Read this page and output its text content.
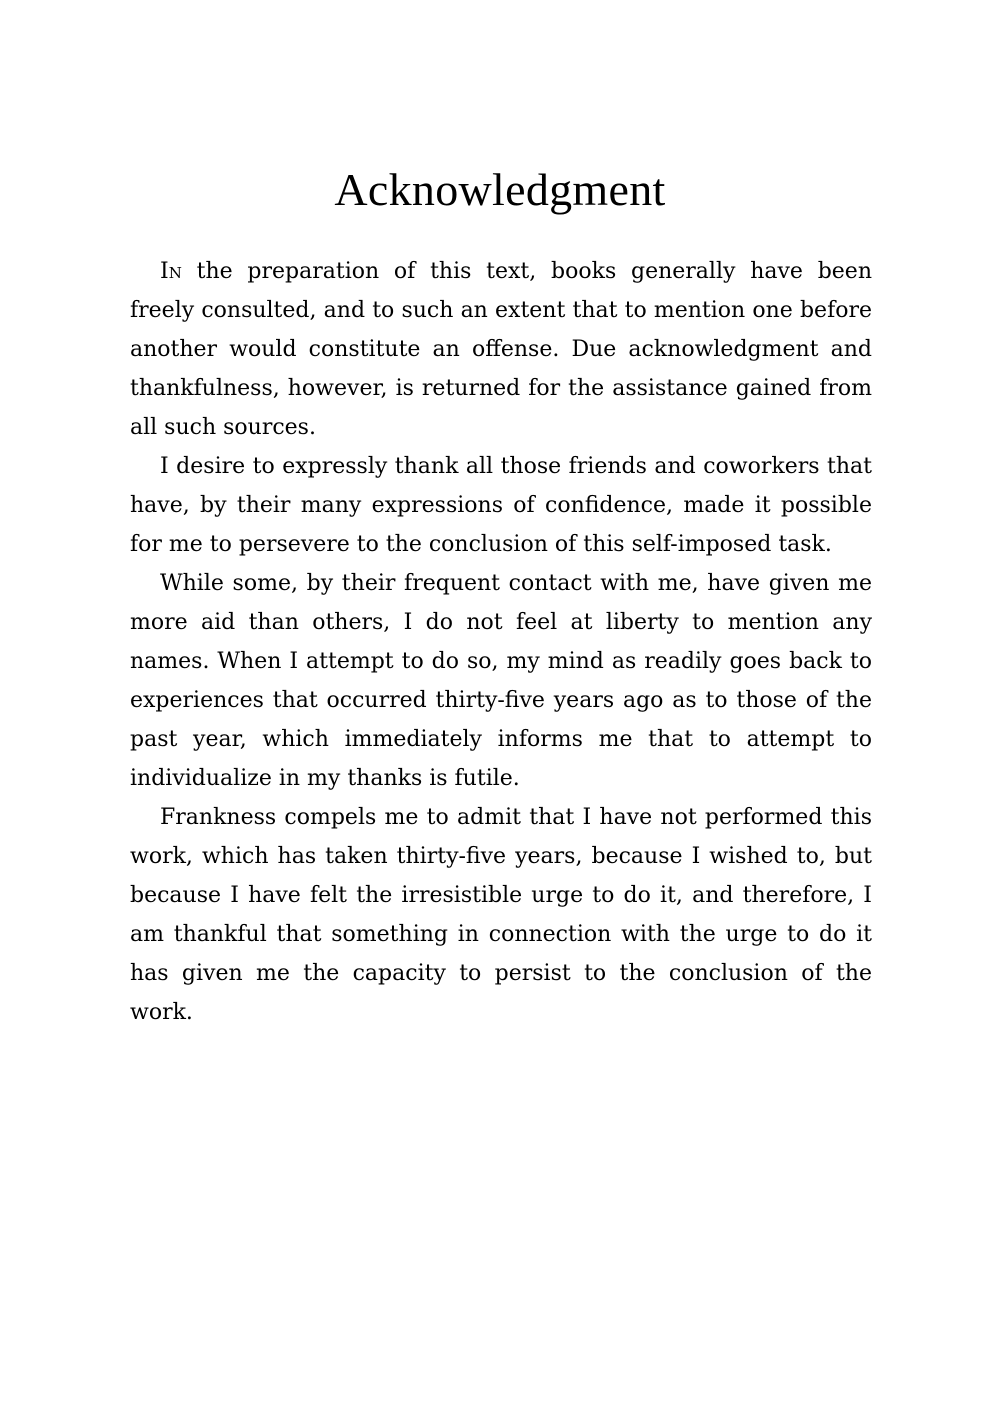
Acknowledgment

In the preparation of this text, books generally have been freely consulted, and to such an extent that to mention one before another would constitute an offense. Due acknowledgment and thankfulness, however, is returned for the assistance gained from all such sources.

I desire to expressly thank all those friends and coworkers that have, by their many expressions of confidence, made it possible for me to persevere to the conclusion of this self-imposed task.

While some, by their frequent contact with me, have given me more aid than others, I do not feel at liberty to mention any names. When I attempt to do so, my mind as readily goes back to experiences that occurred thirty-five years ago as to those of the past year, which immediately informs me that to attempt to individualize in my thanks is futile.

Frankness compels me to admit that I have not performed this work, which has taken thirty-five years, because I wished to, but because I have felt the irresistible urge to do it, and therefore, I am thankful that something in connection with the urge to do it has given me the capacity to persist to the conclusion of the work.
